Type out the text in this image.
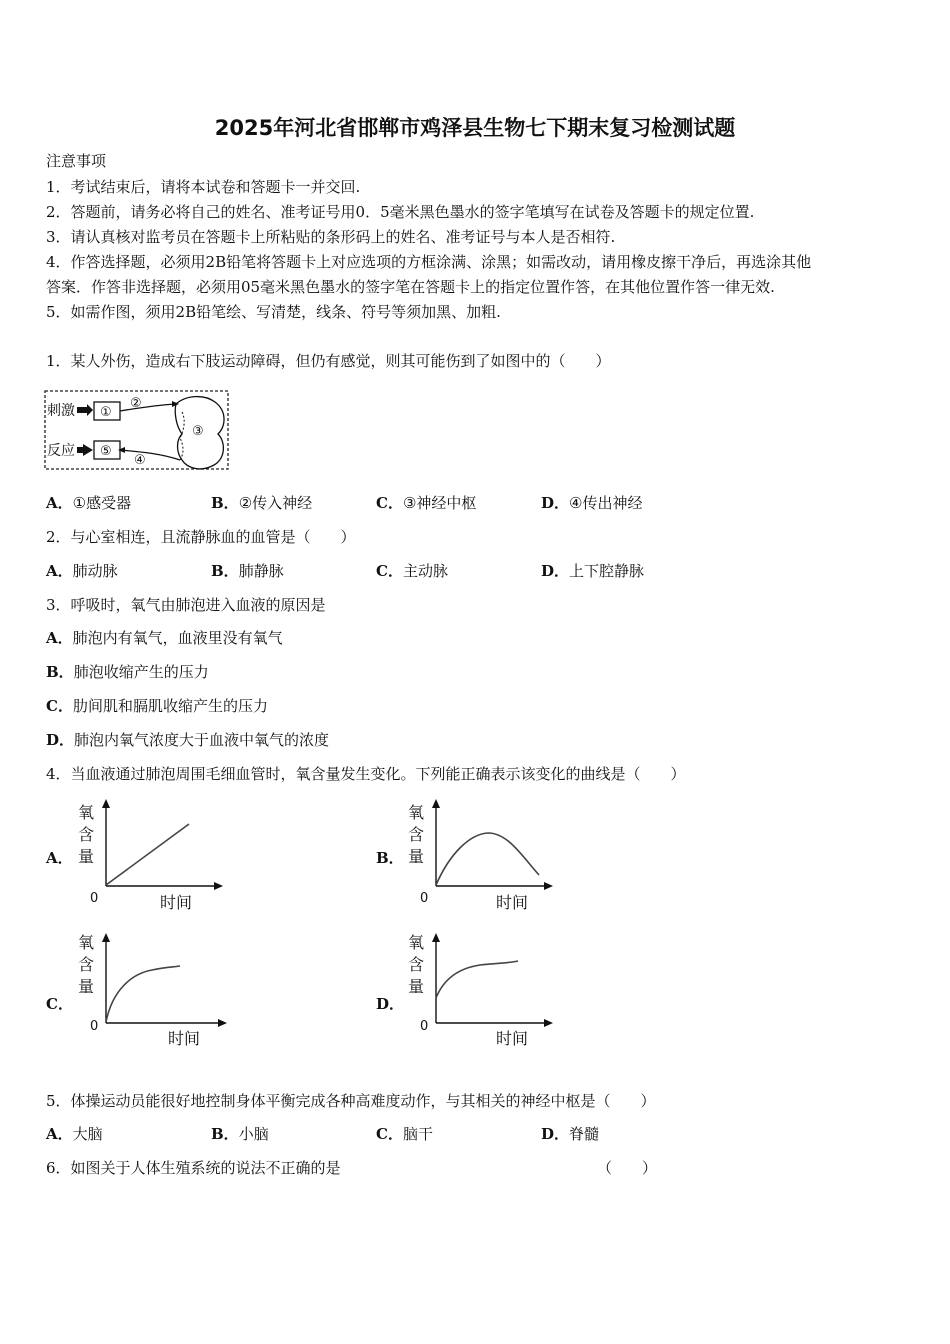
2025年河北省邯郸市鸡泽县生物七下期末复习检测试题
注意事项
1．考试结束后，请将本试卷和答题卡一并交回.
2．答题前，请务必将自己的姓名、准考证号用0．5毫米黑色墨水的签字笔填写在试卷及答题卡的规定位置.
3．请认真核对监考员在答题卡上所粘贴的条形码上的姓名、准考证号与本人是否相符.
4．作答选择题，必须用2B铅笔将答题卡上对应选项的方框涂满、涂黑；如需改动，请用橡皮擦干净后，再选涂其他
答案．作答非选择题，必须用05毫米黑色墨水的签字笔在答题卡上的指定位置作答，在其他位置作答一律无效.
5．如需作图，须用2B铅笔绘、写清楚，线条、符号等须加黑、加粗.
1．某人外伤，造成右下肢运动障碍，但仍有感觉，则其可能伤到了如图中的（　　）
刺激 ①
②
③
④
⑤
反应
A．①感受器	B．②传入神经	C．③神经中枢	D．④传出神经
2．与心室相连，且流静脉血的血管是（　　）
A．肺动脉	B．肺静脉	C．主动脉	D．上下腔静脉
3．呼吸时，氧气由肺泡进入血液的原因是
A．肺泡内有氧气，血液里没有氧气
B．肺泡收缩产生的压力
C．肋间肌和膈肌收缩产生的压力
D．肺泡内氧气浓度大于血液中氧气的浓度
4．当血液通过肺泡周围毛细血管时，氧含量发生变化。下列能正确表示该变化的曲线是（　　）
A．
氧
含
量
0	时间
B．
氧
含
量
0	时间
C．
氧
含
量
0
时间
D．
氧
含
量
0
时间
5．体操运动员能很好地控制身体平衡完成各种高难度动作，与其相关的神经中枢是（　　）
A．大脑	B．小脑	C．脑干	D．脊髓
6．如图关于人体生殖系统的说法不正确的是	（　　）
